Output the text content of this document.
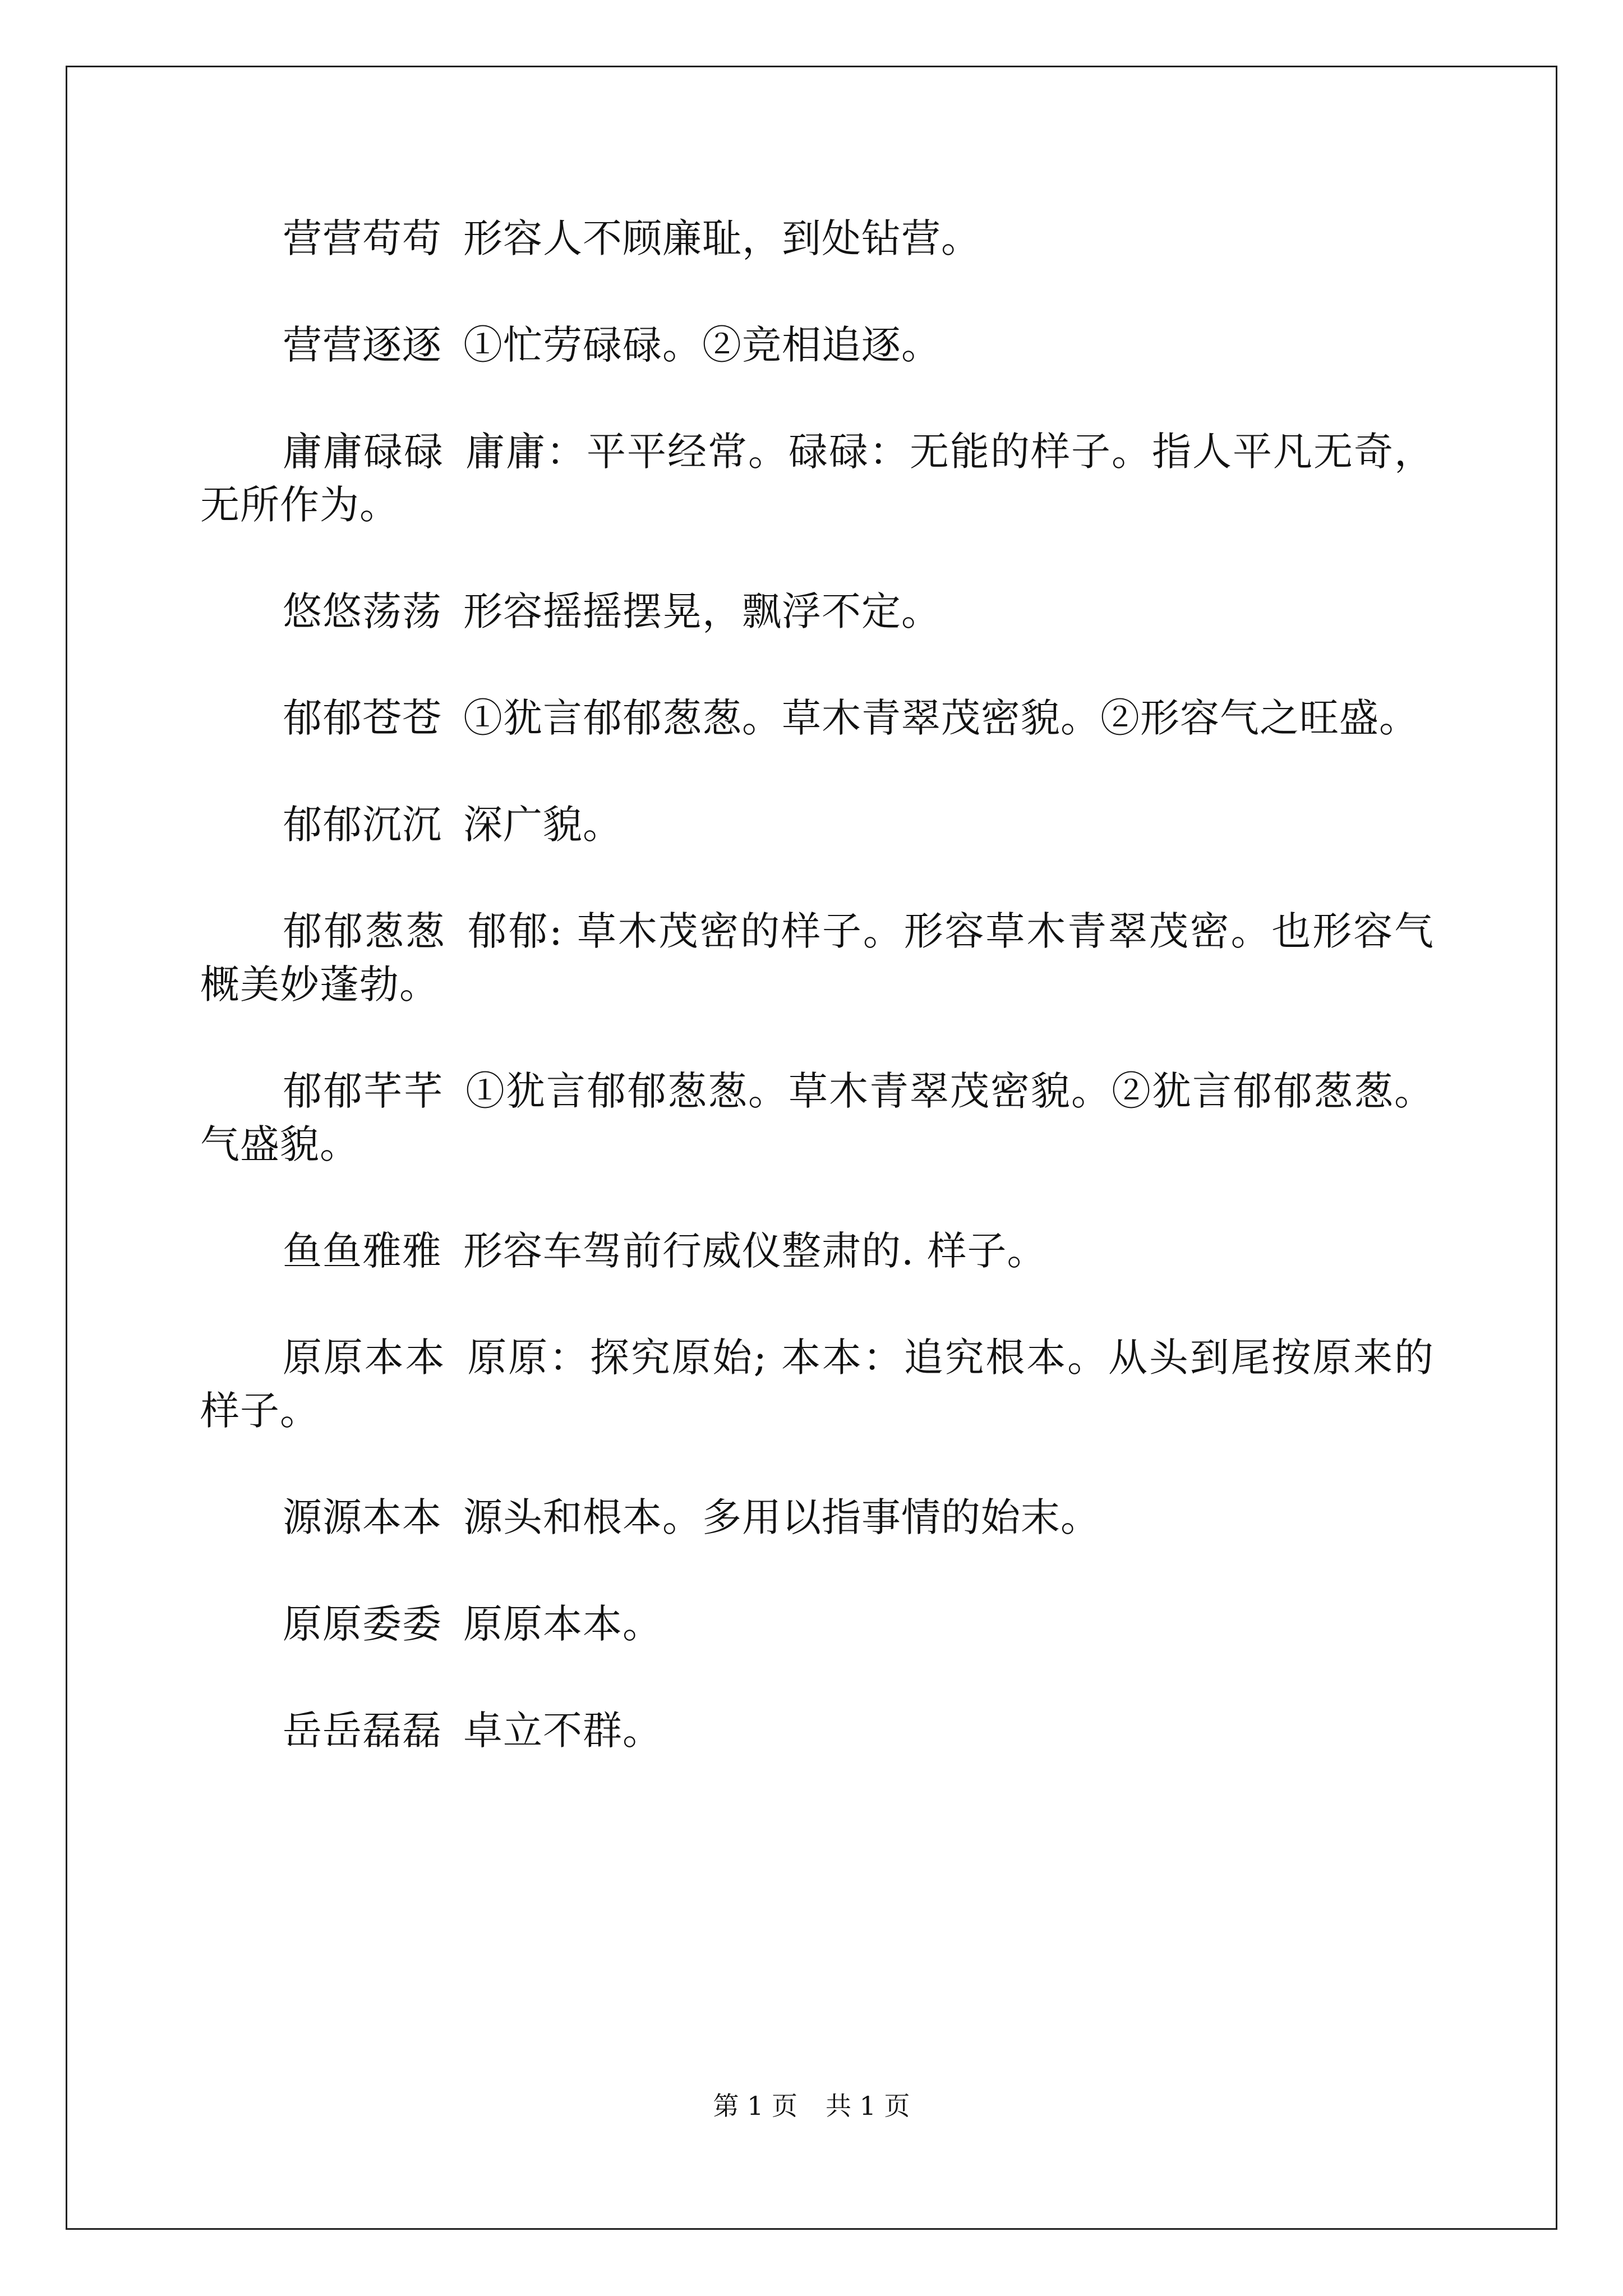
营营苟苟 形容人不顾廉耻，到处钻营。

营营逐逐 ①忙劳碌碌。②竞相追逐。

庸庸碌碌 庸庸：平平经常。碌碌：无能的样子。指人平凡无奇，无所作为。

悠悠荡荡 形容摇摇摆晃，飘浮不定。

郁郁苍苍 ①犹言郁郁葱葱。草木青翠茂密貌。②形容气之旺盛。

郁郁沉沉 深广貌。

郁郁葱葱 郁郁: 草木茂密的样子。形容草木青翠茂密。也形容气概美妙蓬勃。

郁郁芊芊 ①犹言郁郁葱葱。草木青翠茂密貌。②犹言郁郁葱葱。气盛貌。

鱼鱼雅雅 形容车驾前行威仪整肃的. 样子。

原原本本 原原：探究原始; 本本：追究根本。从头到尾按原来的样子。

源源本本 源头和根本。多用以指事情的始末。

原原委委 原原本本。

岳岳磊磊 卓立不群。

第 1 页 共 1 页
